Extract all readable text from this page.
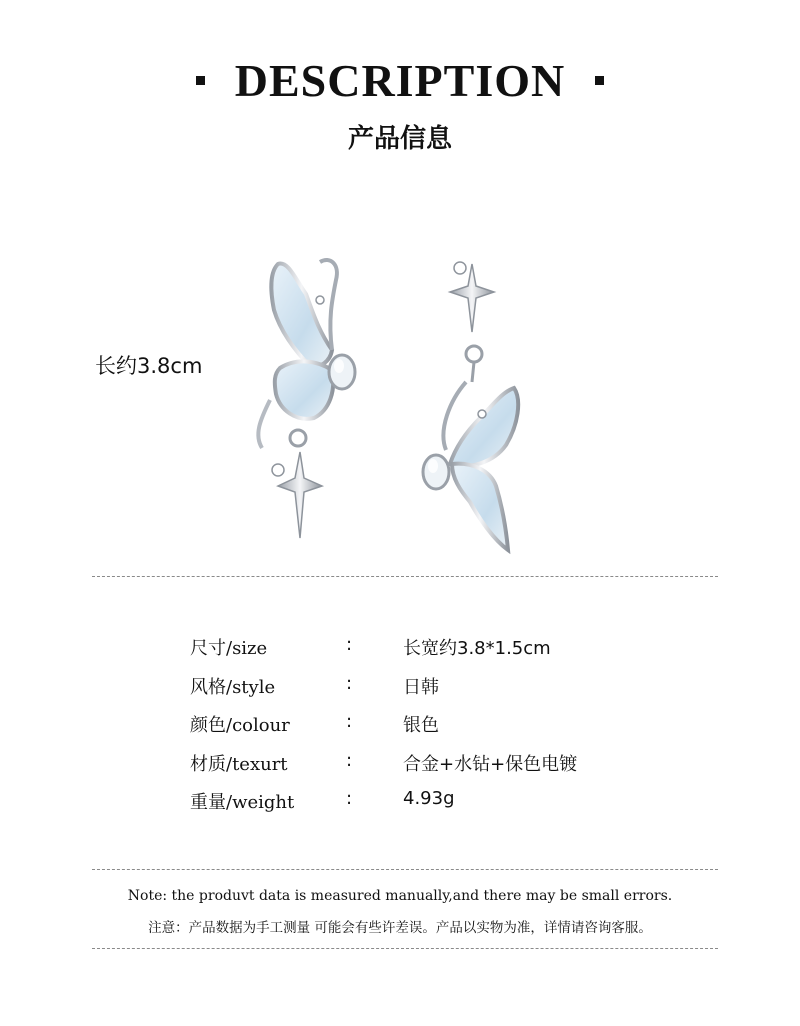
DESCRIPTION
产品信息
长约3.8cm
尺寸/size	:	长宽约3.8*1.5cm
风格/style	:	日韩
颜色/colour	:	银色
材质/texurt	:	合金+水钻+保色电镀
重量/weight	:	4.93g
Note: the produvt data is measured manually,and there may be small errors.
注意：产品数据为手工测量 可能会有些许差误。产品以实物为准，详情请咨询客服。
